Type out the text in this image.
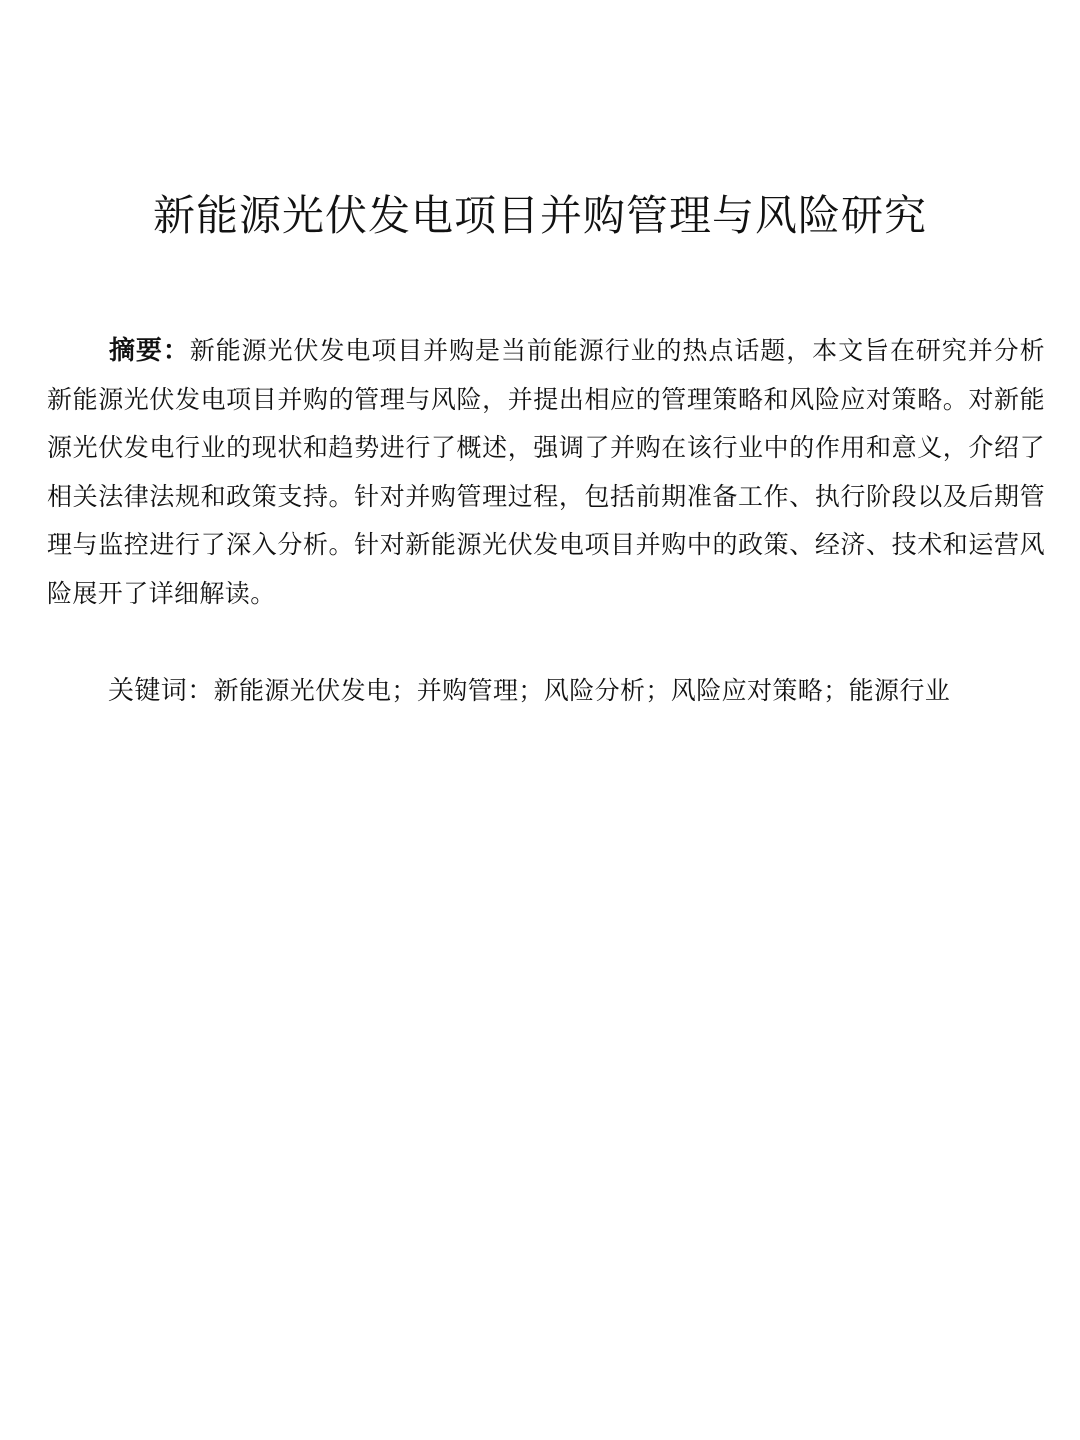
新能源光伏发电项目并购管理与风险研究

摘要：新能源光伏发电项目并购是当前能源行业的热点话题，本文旨在研究并分析新能源光伏发电项目并购的管理与风险，并提出相应的管理策略和风险应对策略。对新能源光伏发电行业的现状和趋势进行了概述，强调了并购在该行业中的作用和意义，介绍了相关法律法规和政策支持。针对并购管理过程，包括前期准备工作、执行阶段以及后期管理与监控进行了深入分析。针对新能源光伏发电项目并购中的政策、经济、技术和运营风险展开了详细解读。

关键词：新能源光伏发电；并购管理；风险分析；风险应对策略；能源行业
